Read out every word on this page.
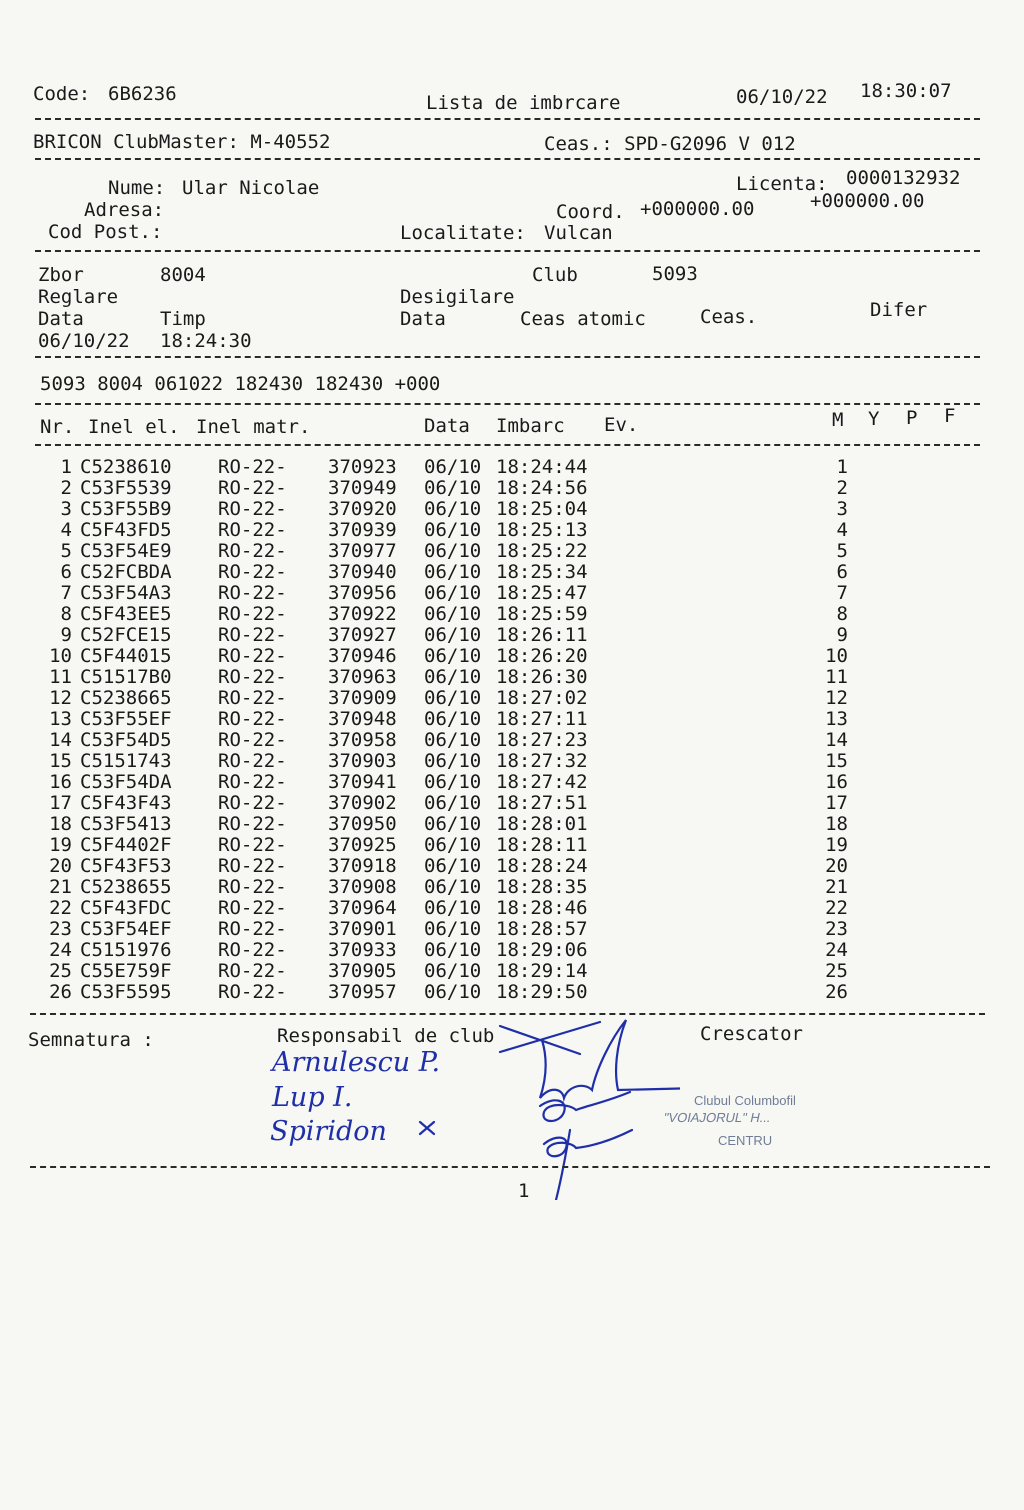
Code: 6B6236	Lista de imbrcare	06/10/22 18:30:07
BRICON ClubMaster: M-40552	Ceas.: SPD-G2096 V 012
Nume: Ular Nicolae	Licenta: 0000132932
Adresa:	Coord. +000000.00	+000000.00
Cod Post.:	Localitate: Vulcan
Zbor	8004	Club	5093
Reglare	Desigilare
Data	Timp	Data	Ceas atomic	Ceas.	Difer
06/10/22 18:24:30
5093 8004 061022 182430 182430 +000
Nr. Inel el. Inel matr.	Data Imbarc Ev.	M Y P F
1 C5238610 RO-22- 370923 06/10 18:24:44	1
2 C53F5539 RO-22- 370949 06/10 18:24:56	2
3 C53F55B9 RO-22- 370920 06/10 18:25:04	3
4 C5F43FD5 RO-22- 370939 06/10 18:25:13	4
5 C53F54E9 RO-22- 370977 06/10 18:25:22	5
6 C52FCBDA RO-22- 370940 06/10 18:25:34	6
7 C53F54A3 RO-22- 370956 06/10 18:25:47	7
8 C5F43EE5 RO-22- 370922 06/10 18:25:59	8
9 C52FCE15 RO-22- 370927 06/10 18:26:11	9
10 C5F44015 RO-22- 370946 06/10 18:26:20	10
11 C51517B0 RO-22- 370963 06/10 18:26:30	11
12 C5238665 RO-22- 370909 06/10 18:27:02	12
13 C53F55EF RO-22- 370948 06/10 18:27:11	13
14 C53F54D5 RO-22- 370958 06/10 18:27:23	14
15 C5151743 RO-22- 370903 06/10 18:27:32	15
16 C53F54DA RO-22- 370941 06/10 18:27:42	16
17 C5F43F43 RO-22- 370902 06/10 18:27:51	17
18 C53F5413 RO-22- 370950 06/10 18:28:01	18
19 C5F4402F RO-22- 370925 06/10 18:28:11	19
20 C5F43F53 RO-22- 370918 06/10 18:28:24	20
21 C5238655 RO-22- 370908 06/10 18:28:35	21
22 C5F43FDC RO-22- 370964 06/10 18:28:46	22
23 C53F54EF RO-22- 370901 06/10 18:28:57	23
24 C5151976 RO-22- 370933 06/10 18:29:06	24
25 C55E759F RO-22- 370905 06/10 18:29:14	25
26 C53F5595 RO-22- 370957 06/10 18:29:50	26
Semnatura :	Responsabil de club	Crescator
Arnulescu P.
Lup I.
Spiridon
Clubul Columbofil
"VOIAJORUL" H...
CENTRU
1
